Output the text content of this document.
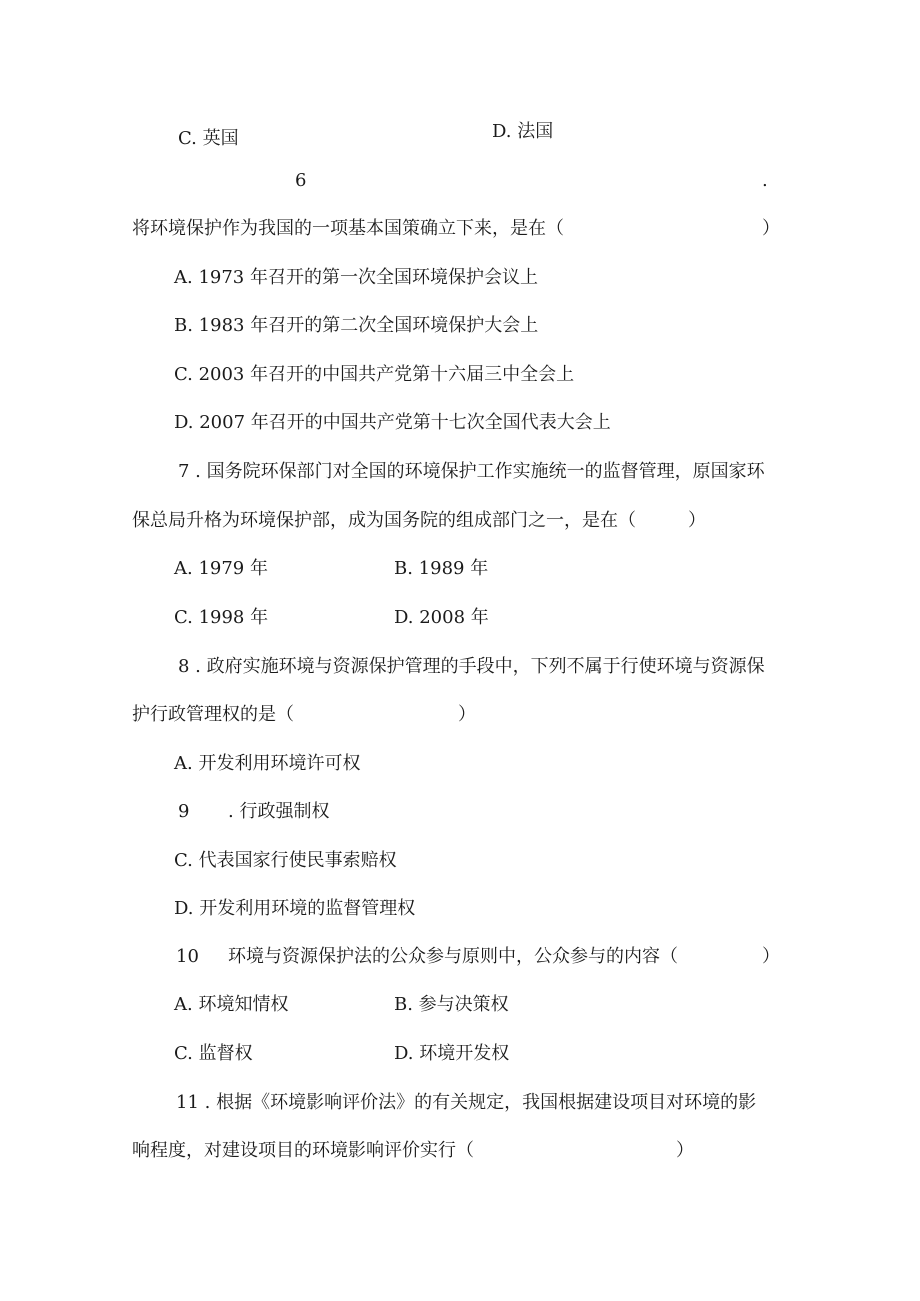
C. 英国	D. 法国
6	.
将环境保护作为我国的一项基本国策确立下来，是在（	）
A. 1973 年召开的第一次全国环境保护会议上
B. 1983 年召开的第二次全国环境保护大会上
C. 2003 年召开的中国共产党第十六届三中全会上
D. 2007 年召开的中国共产党第十七次全国代表大会上
7 . 国务院环保部门对全国的环境保护工作实施统一的监督管理，原国家环
保总局升格为环境保护部，成为国务院的组成部门之一，是在（	）
A. 1979 年	B. 1989 年
C. 1998 年	D. 2008 年
8 . 政府实施环境与资源保护管理的手段中，下列不属于行使环境与资源保
护行政管理权的是（	）
A. 开发利用环境许可权
9 . 行政强制权
C. 代表国家行使民事索赔权
D. 开发利用环境的监督管理权
10 环境与资源保护法的公众参与原则中，公众参与的内容（	）
A. 环境知情权	B. 参与决策权
C. 监督权	D. 环境开发权
11 . 根据《环境影响评价法》的有关规定，我国根据建设项目对环境的影
响程度，对建设项目的环境影响评价实行（	）
